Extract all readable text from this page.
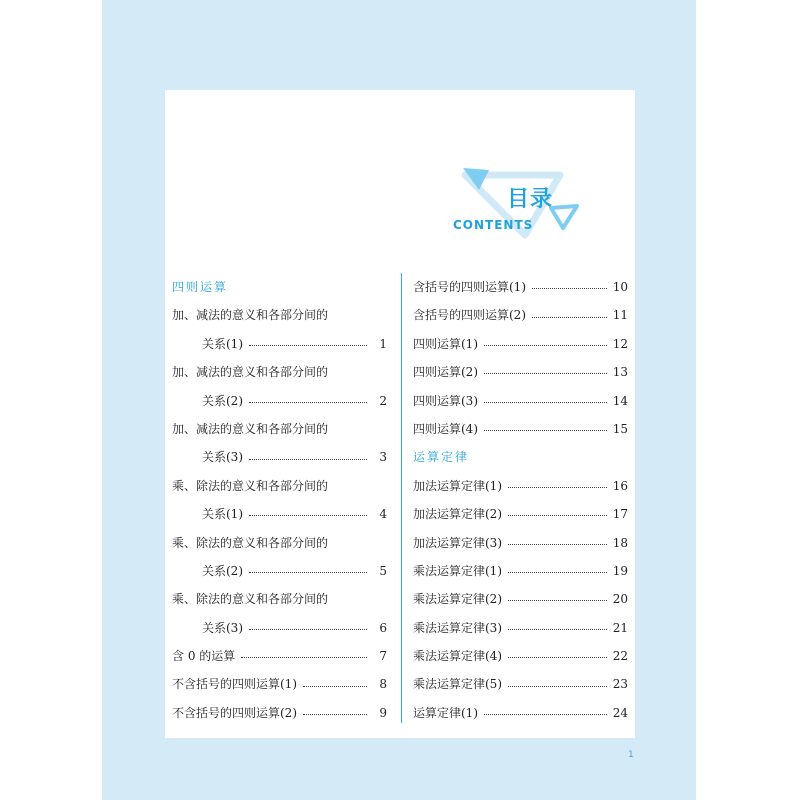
目录
CONTENTS
四则运算
加、减法的意义和各部分间的
关系(1)	1
加、减法的意义和各部分间的
关系(2)	2
加、减法的意义和各部分间的
关系(3)	3
乘、除法的意义和各部分间的
关系(1)	4
乘、除法的意义和各部分间的
关系(2)	5
乘、除法的意义和各部分间的
关系(3)	6
含 0 的运算	7
不含括号的四则运算(1)	8
不含括号的四则运算(2)	9
含括号的四则运算(1)	10
含括号的四则运算(2)	11
四则运算(1)	12
四则运算(2)	13
四则运算(3)	14
四则运算(4)	15
运算定律
加法运算定律(1)	16
加法运算定律(2)	17
加法运算定律(3)	18
乘法运算定律(1)	19
乘法运算定律(2)	20
乘法运算定律(3)	21
乘法运算定律(4)	22
乘法运算定律(5)	23
运算定律(1)	24
1
